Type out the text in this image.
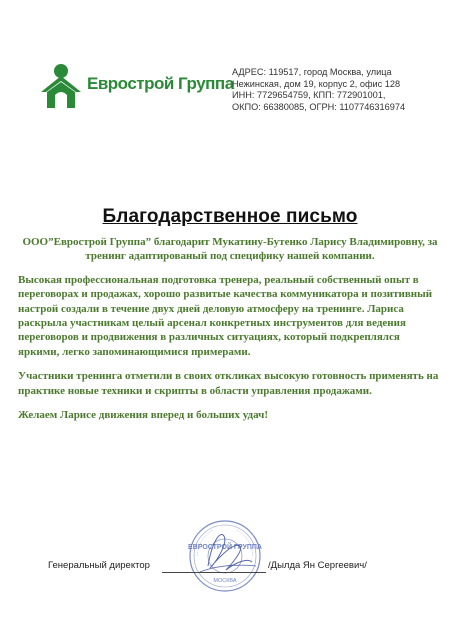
Еврострой Группа
АДРЕС: 119517, город Москва, улица
Нежинская, дом 19, корпус 2, офис 128
ИНН: 7729654759, КПП: 772901001,
ОКПО: 66380085, ОГРН: 1107746316974
Благодарственное письмо

ООО”Еврострой Группа” благодарит Мукатину-Бутенко Ларису Владимировну, за тренинг адаптированый под специфику нашей компании.

Высокая профессиональная подготовка тренера, реальный собственный опыт в переговорах и продажах, хорошо развитые качества коммуникатора и позитивный настрой создали в течение двух дней деловую атмосферу на тренинге. Лариса раскрыла участникам целый арсенал конкретных инструментов для ведения переговоров и продвижения в различных ситуациях, который подкреплялся яркими, легко запоминающимися примерами.

Участники тренинга отметили в своих откликах высокую готовность применять на практике новые техники и скрипты в области управления продажами.

Желаем Ларисе движения вперед и больших удач!

ЕВРОСТРОЙ ГРУППА
МОСКВА
Генеральный директор	/Дылда Ян Сергеевич/
